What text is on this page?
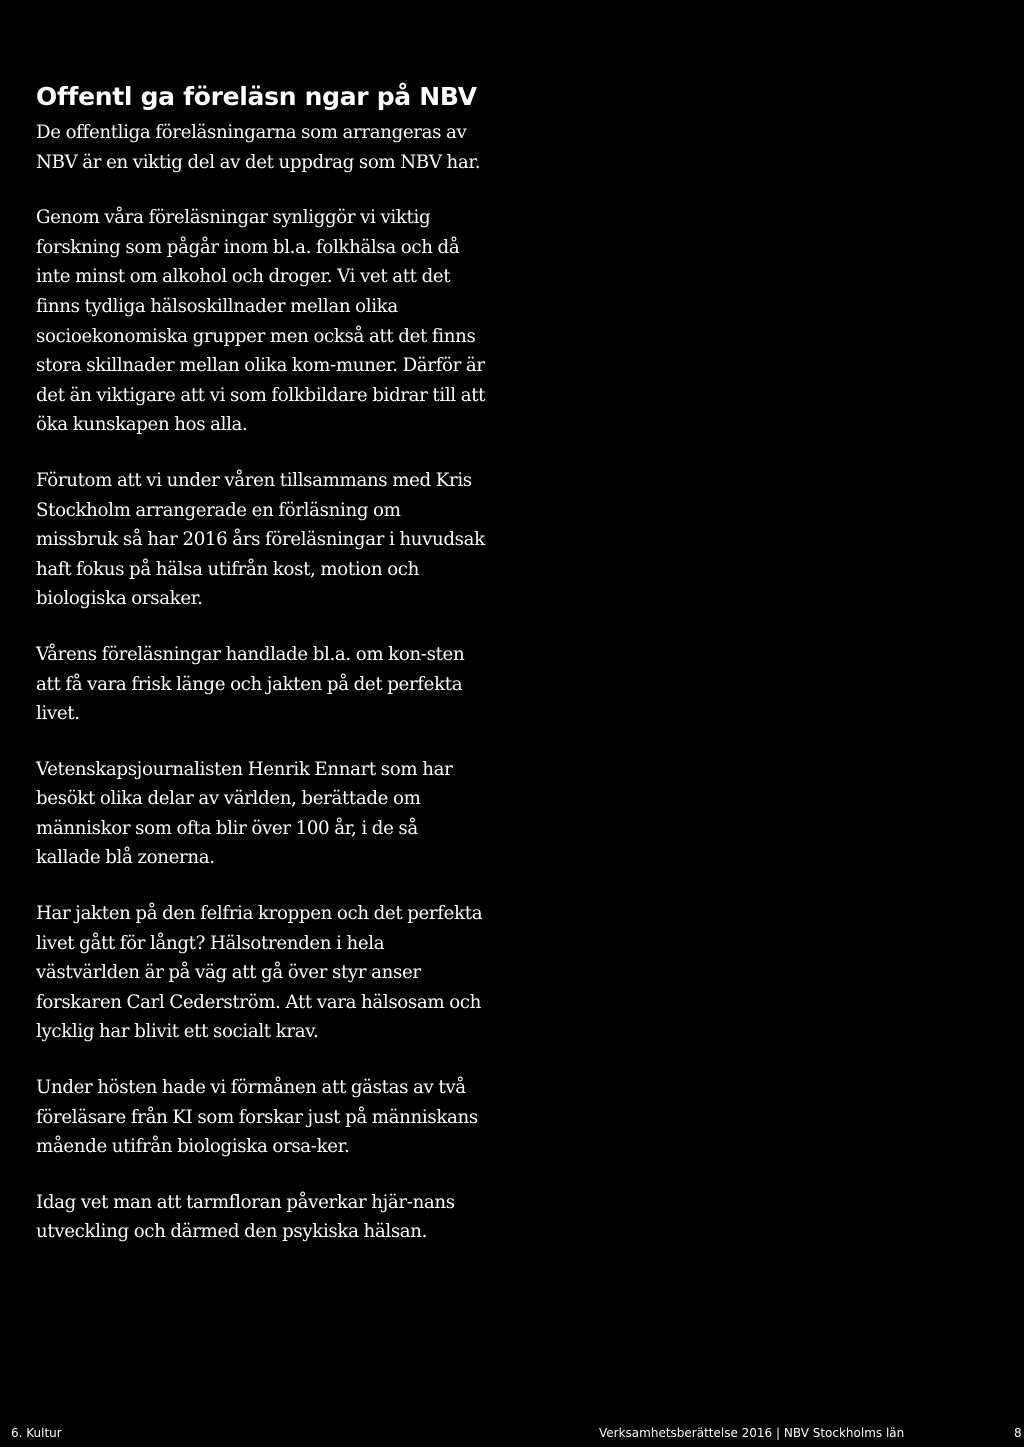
Offentl ga föreläsn ngar på NBV

De offentliga föreläsningarna som arrangeras av NBV är en viktig del av det uppdrag som NBV har.

Genom våra föreläsningar synliggör vi viktig forskning som pågår inom bl.a. folkhälsa och då inte minst om alkohol och droger. Vi vet att det finns tydliga hälsoskillnader mellan olika socioekonomiska grupper men också att det finns stora skillnader mellan olika kom-muner. Därför är det än viktigare att vi som folkbildare bidrar till att öka kunskapen hos alla.

Förutom att vi under våren tillsammans med Kris Stockholm arrangerade en förläsning om missbruk så har 2016 års föreläsningar i huvudsak haft fokus på hälsa utifrån kost, motion och biologiska orsaker.

Vårens föreläsningar handlade bl.a. om kon-sten att få vara frisk länge och jakten på det perfekta livet.

Vetenskapsjournalisten Henrik Ennart som har besökt olika delar av världen, berättade om människor som ofta blir över 100 år, i de så kallade blå zonerna.

Har jakten på den felfria kroppen och det perfekta livet gått för långt? Hälsotrenden i hela västvärlden är på väg att gå över styr anser forskaren Carl Cederström. Att vara hälsosam och lycklig har blivit ett socialt krav.

Under hösten hade vi förmånen att gästas av två föreläsare från KI som forskar just på människans mående utifrån biologiska orsa-ker.

Idag vet man att tarmfloran påverkar hjär-nans utveckling och därmed den psykiska hälsan.

6. Kultur	Verksamhetsberättelse 2016 | NBV Stockholms län	8
